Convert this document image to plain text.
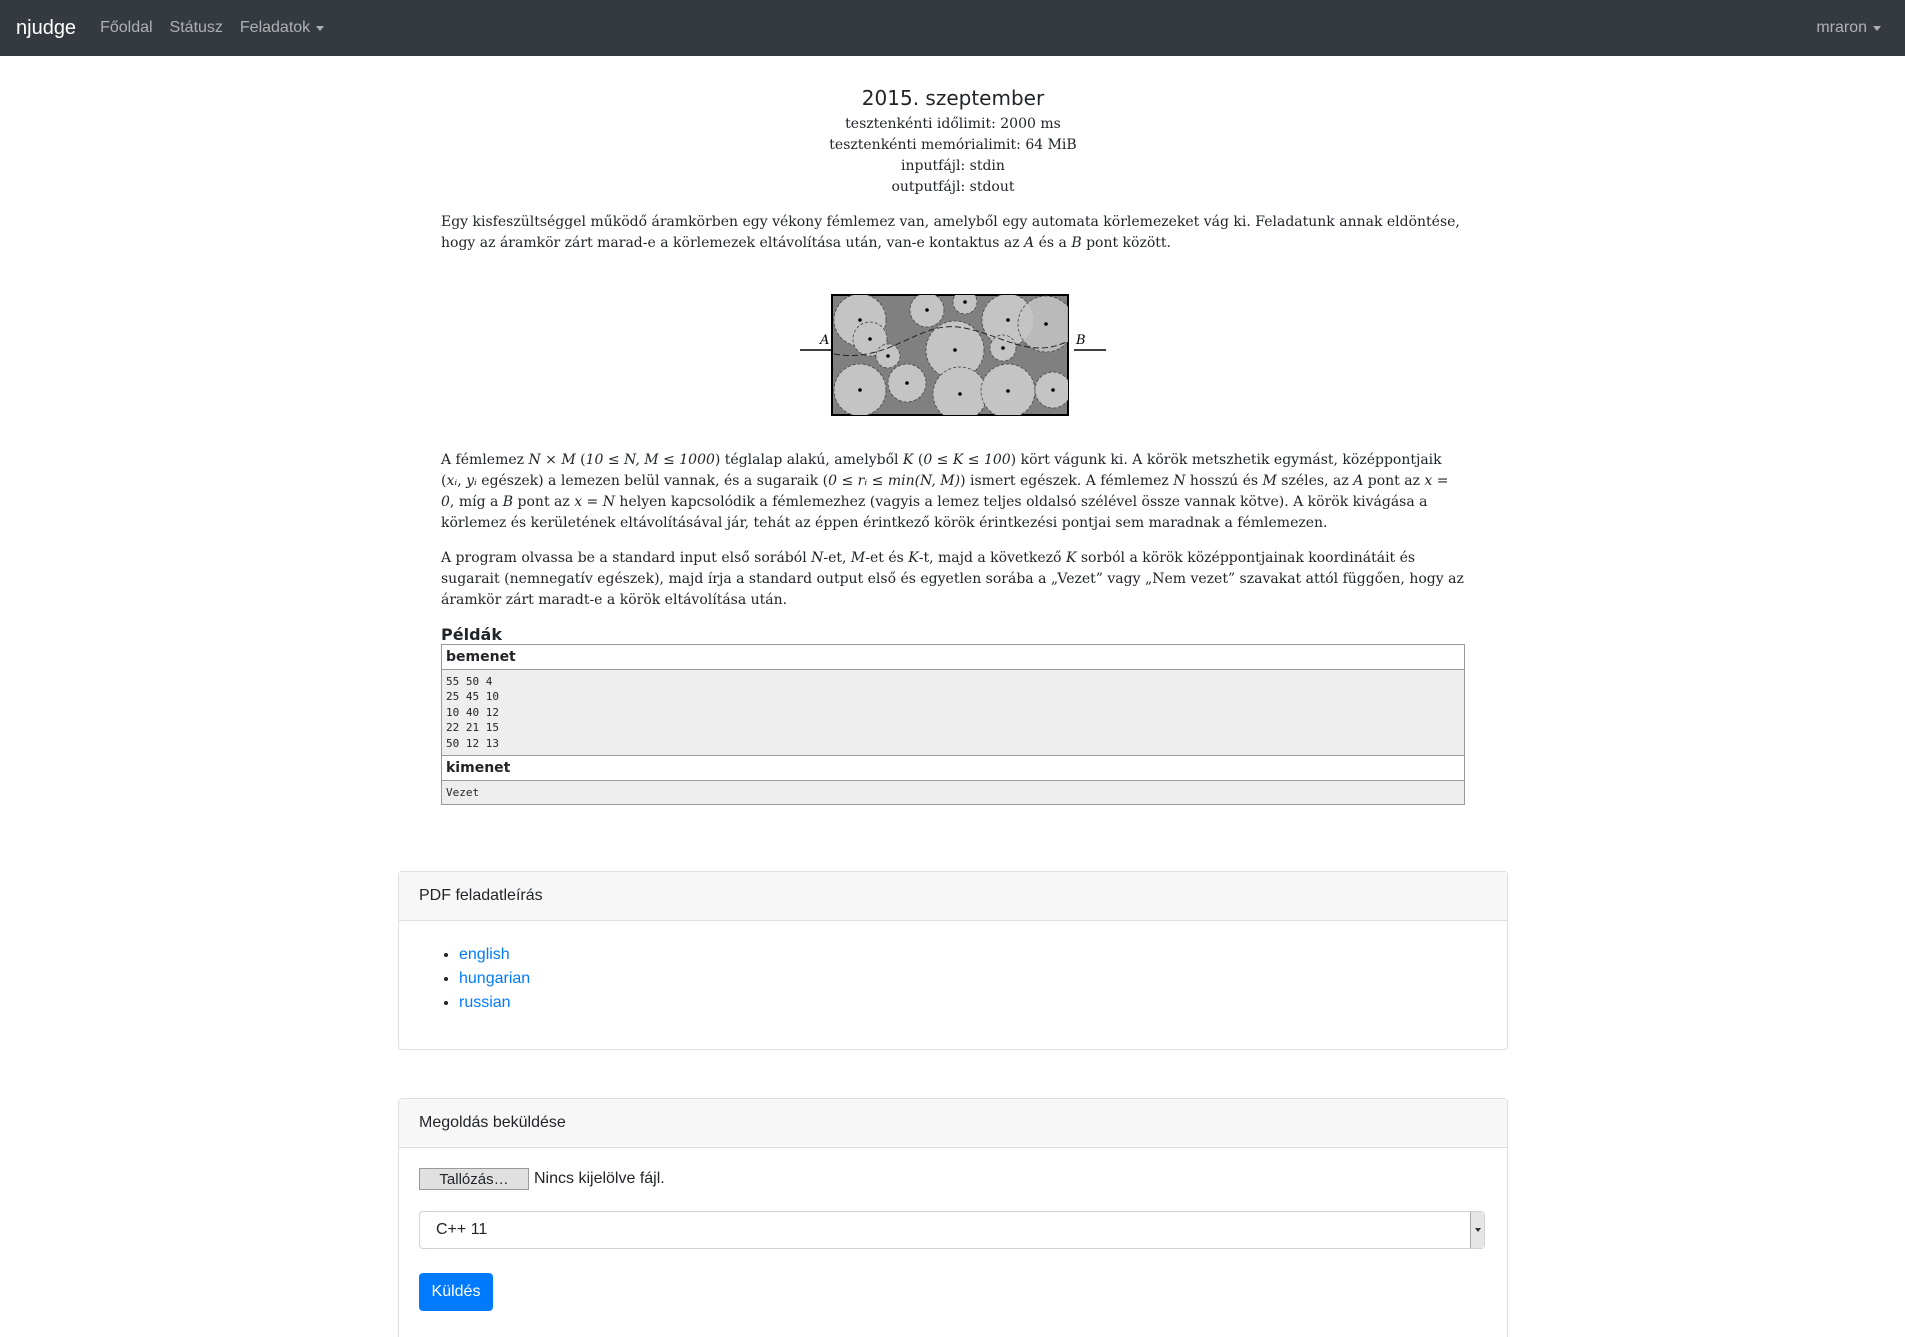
njudge Főoldal Státusz Feladatok	mraron
2015. szeptember
tesztenkénti időlimit: 2000 ms
tesztenkénti memórialimit: 64 MiB
inputfájl: stdin
outputfájl: stdout

Egy kisfeszültséggel működő áramkörben egy vékony fémlemez van, amelyből egy automata körlemezeket vág ki. Feladatunk annak eldöntése, hogy az áramkör zárt marad-e a körlemezek eltávolítása után, van-e kontaktus az A és a B pont között.

A	B

A fémlemez N × M (10 ≤ N, M ≤ 1000) téglalap alakú, amelyből K (0 ≤ K ≤ 100) kört vágunk ki. A körök metszhetik egymást, középpontjaik (xᵢ, yᵢ egészek) a lemezen belül vannak, és a sugaraik (0 ≤ rᵢ ≤ min(N, M)) ismert egészek. A fémlemez N hosszú és M széles, az A pont az x = 0, míg a B pont az x = N helyen kapcsolódik a fémlemezhez (vagyis a lemez teljes oldalsó szélével össze vannak kötve). A körök kivágása a körlemez és kerületének eltávolításával jár, tehát az éppen érintkező körök érintkezési pontjai sem maradnak a fémlemezen.

A program olvassa be a standard input első sorából N-et, M-et és K-t, majd a következő K sorból a körök középpontjainak koordinátáit és sugarait (nemnegatív egészek), majd írja a standard output első és egyetlen sorába a „Vezet” vagy „Nem vezet” szavakat attól függően, hogy az áramkör zárt maradt-e a körök eltávolítása után.

Példák
bemenet
55 50 4
25 45 10
10 40 12
22 21 15
50 12 13
kimenet
Vezet
PDF feladatleírás
• english
• hungarian
• russian
Megoldás beküldése
Tallózás…	Nincs kijelölve fájl.
C++ 11
Küldés
